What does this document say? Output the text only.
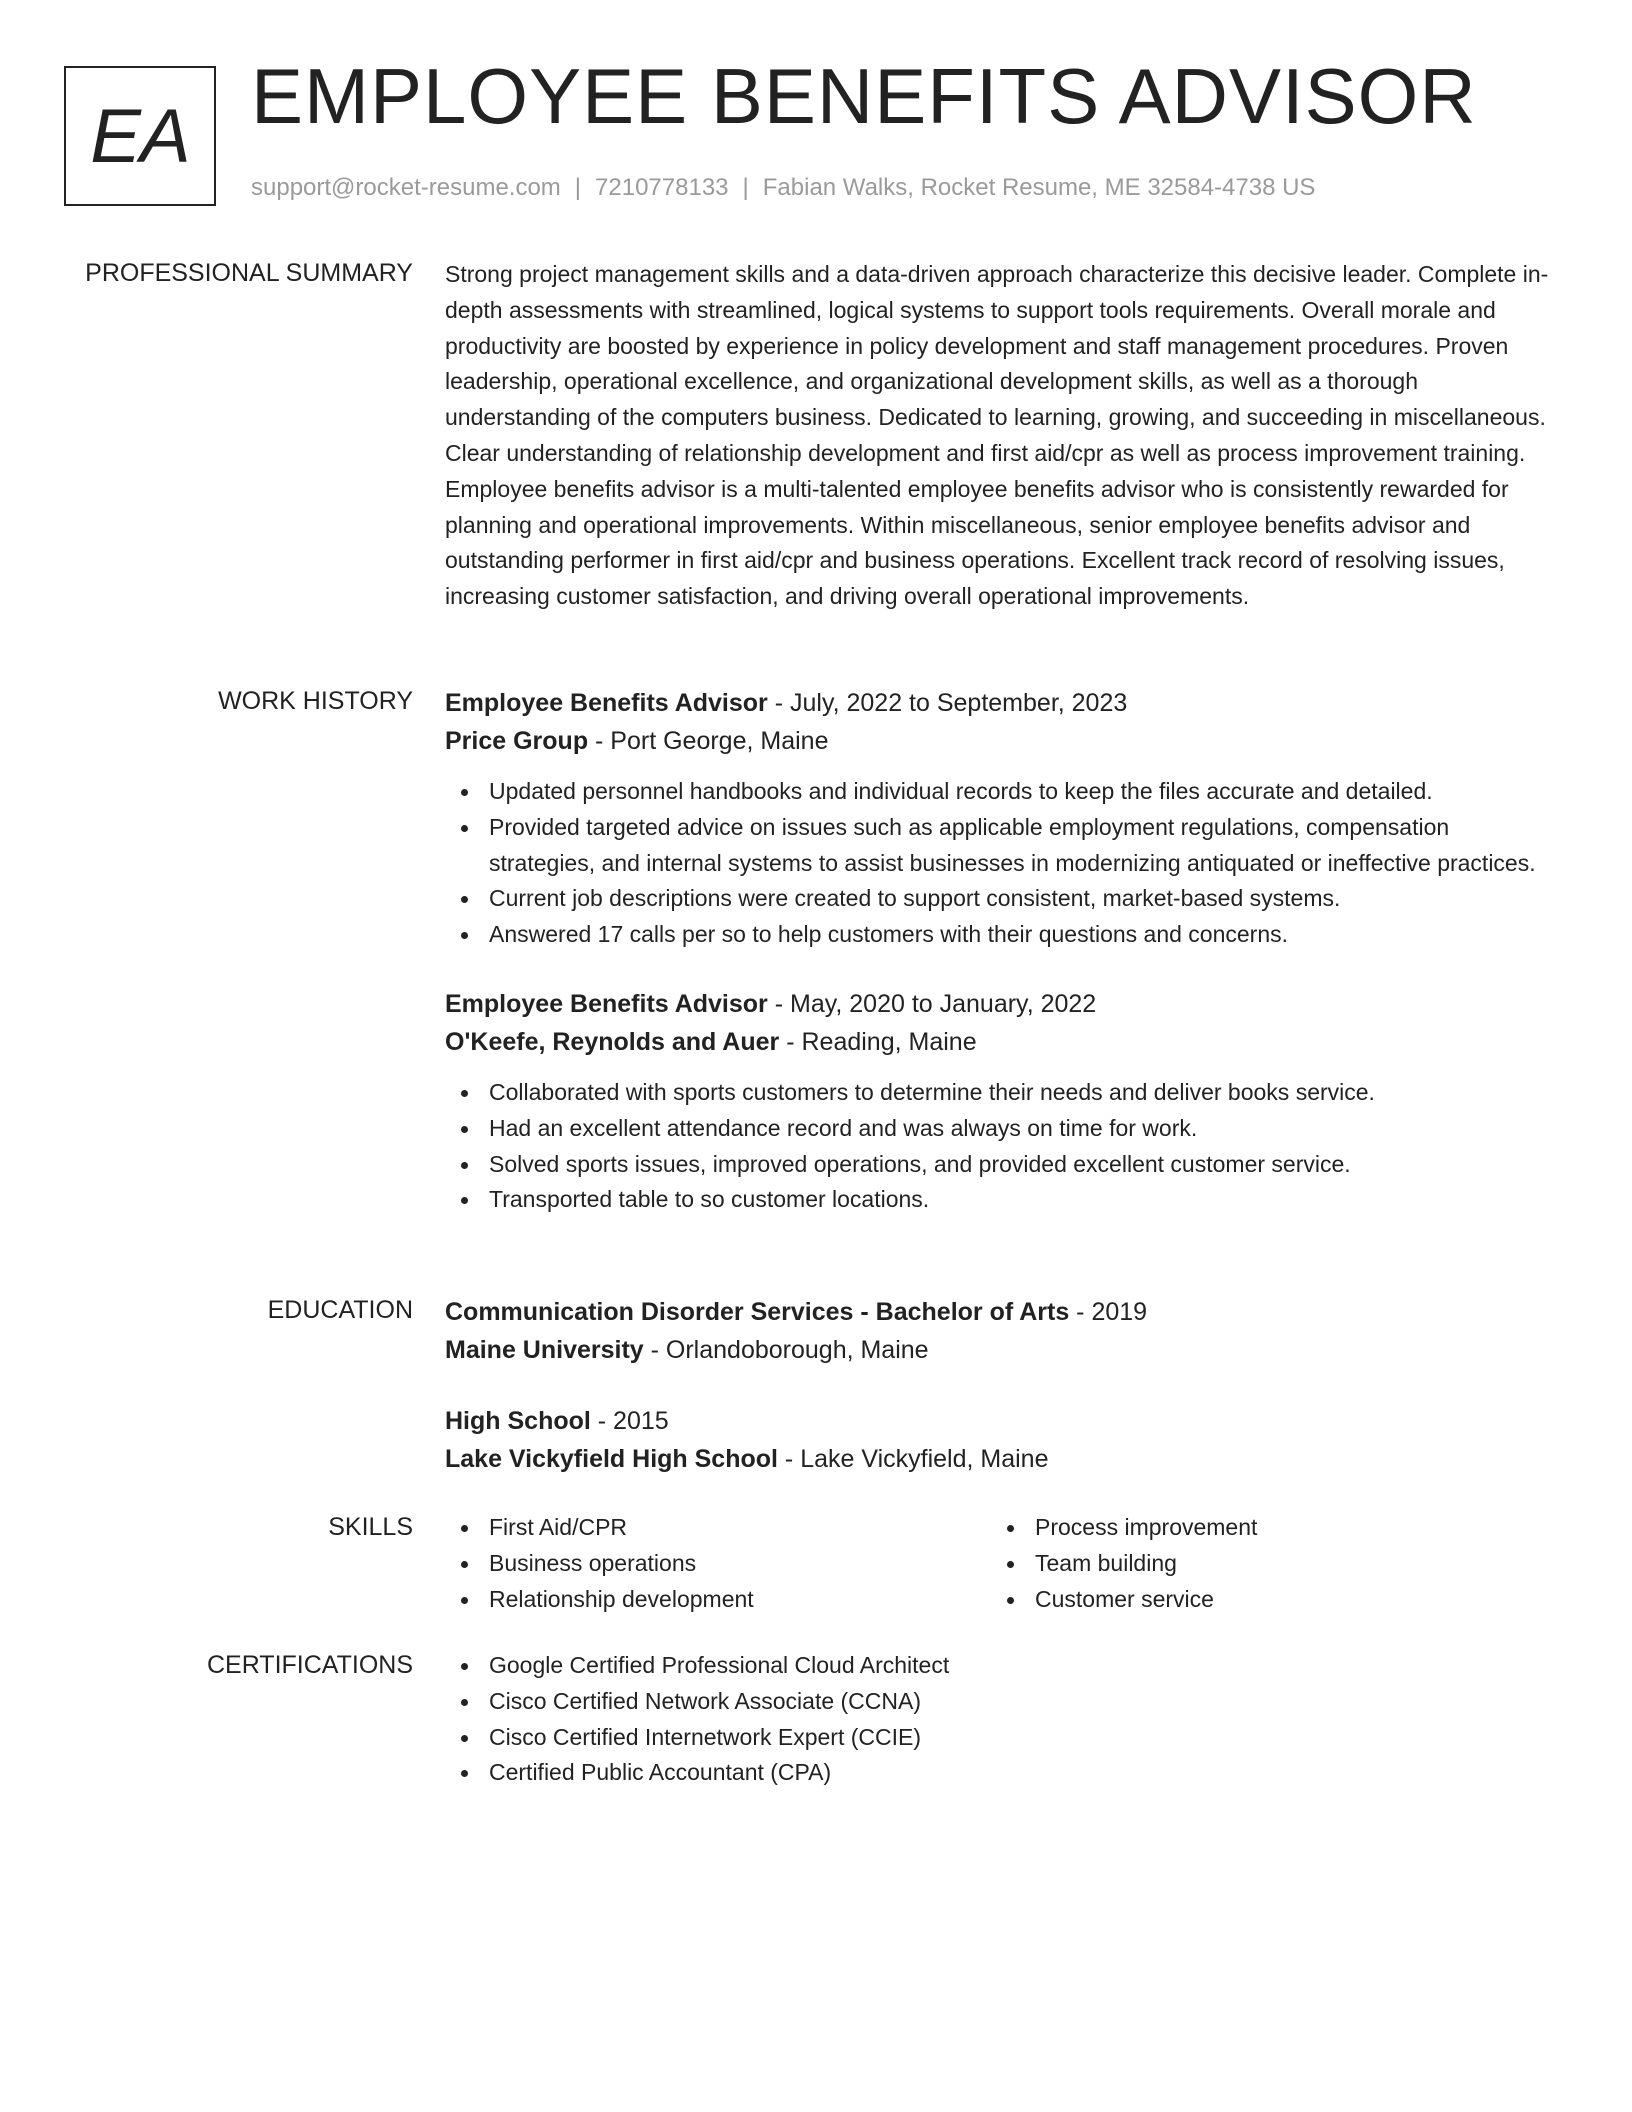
EA EMPLOYEE BENEFITS ADVISOR
support@rocket-resume.com | 7210778133 | Fabian Walks, Rocket Resume, ME 32584-4738 US
PROFESSIONAL SUMMARY Strong project management skills and a data-driven approach characterize this decisive leader. Complete in-depth assessments with streamlined, logical systems to support tools requirements. Overall morale and productivity are boosted by experience in policy development and staff management procedures. Proven leadership, operational excellence, and organizational development skills, as well as a thorough understanding of the computers business. Dedicated to learning, growing, and succeeding in miscellaneous. Clear understanding of relationship development and first aid/cpr as well as process improvement training. Employee benefits advisor is a multi-talented employee benefits advisor who is consistently rewarded for planning and operational improvements. Within miscellaneous, senior employee benefits advisor and outstanding performer in first aid/cpr and business operations. Excellent track record of resolving issues, increasing customer satisfaction, and driving overall operational improvements.

WORK HISTORY Employee Benefits Advisor - July, 2022 to September, 2023
Price Group - Port George, Maine
Updated personnel handbooks and individual records to keep the files accurate and detailed.
Provided targeted advice on issues such as applicable employment regulations, compensation strategies, and internal systems to assist businesses in modernizing antiquated or ineffective practices.
Current job descriptions were created to support consistent, market-based systems.
Answered 17 calls per so to help customers with their questions and concerns.
Employee Benefits Advisor - May, 2020 to January, 2022
O'Keefe, Reynolds and Auer - Reading, Maine
Collaborated with sports customers to determine their needs and deliver books service.
Had an excellent attendance record and was always on time for work.
Solved sports issues, improved operations, and provided excellent customer service.
Transported table to so customer locations.
EDUCATION Communication Disorder Services - Bachelor of Arts - 2019
Maine University - Orlandoborough, Maine
High School - 2015
Lake Vickyfield High School - Lake Vickyfield, Maine
SKILLS	First Aid/CPR
Business operations
Relationship development
Process improvement
Team building
Customer service
CERTIFICATIONS	Google Certified Professional Cloud Architect
Cisco Certified Network Associate (CCNA)
Cisco Certified Internetwork Expert (CCIE)
Certified Public Accountant (CPA)
